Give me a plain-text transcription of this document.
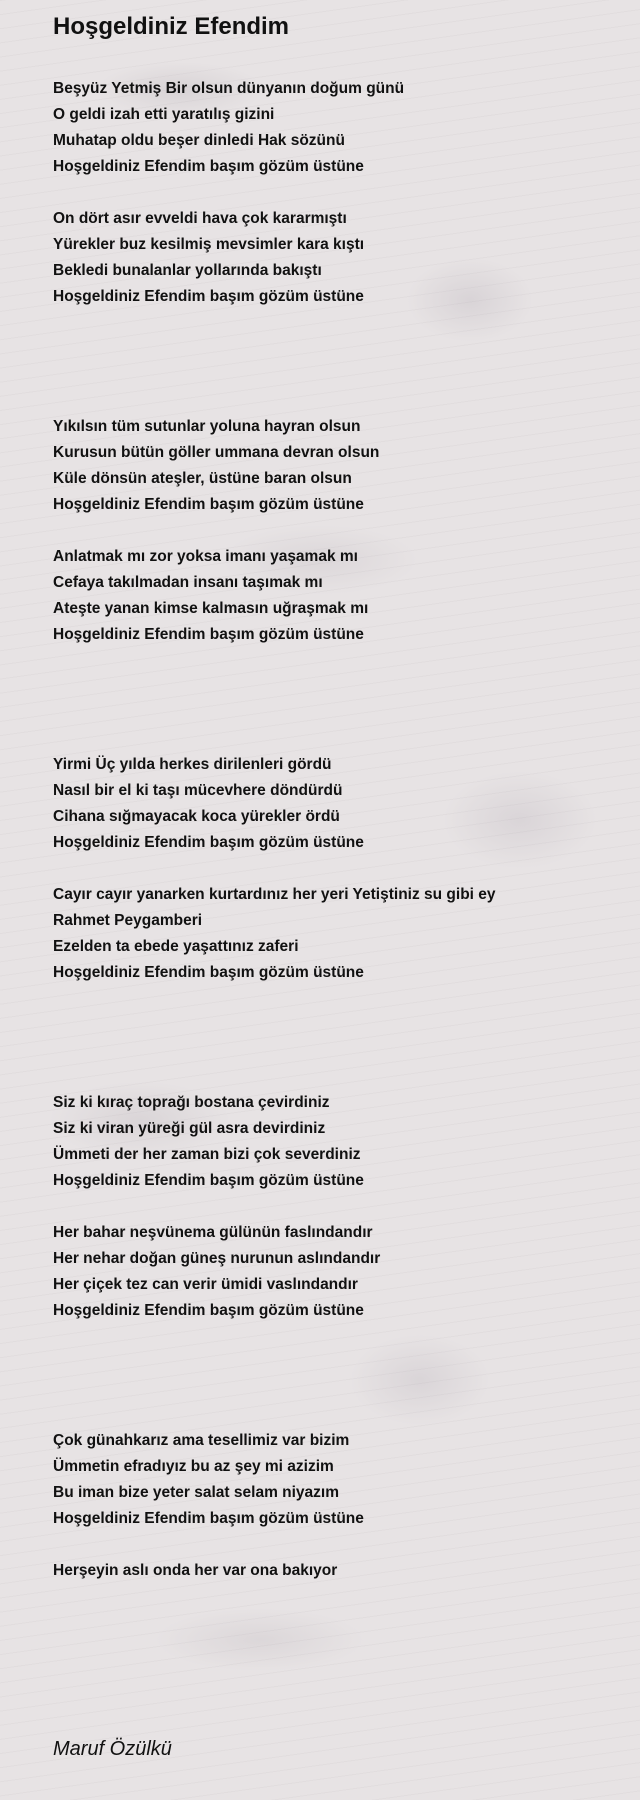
Hoşgeldiniz Efendim
Beşyüz Yetmiş Bir olsun dünyanın doğum günü
O geldi izah etti yaratılış gizini
Muhatap oldu beşer dinledi Hak sözünü
Hoşgeldiniz Efendim başım gözüm üstüne
On dört asır evveldi hava çok kararmıştı
Yürekler buz kesilmiş mevsimler kara kıştı
Bekledi bunalanlar yollarında bakıştı
Hoşgeldiniz Efendim başım gözüm üstüne
Yıkılsın tüm sutunlar yoluna hayran olsun
Kurusun bütün göller ummana devran olsun
Küle dönsün ateşler, üstüne baran olsun
Hoşgeldiniz Efendim başım gözüm üstüne
Anlatmak mı zor yoksa imanı yaşamak mı
Cefaya takılmadan insanı taşımak mı
Ateşte yanan kimse kalmasın uğraşmak mı
Hoşgeldiniz Efendim başım gözüm üstüne
Yirmi Üç yılda herkes dirilenleri gördü
Nasıl bir el ki taşı mücevhere döndürdü
Cihana sığmayacak koca yürekler ördü
Hoşgeldiniz Efendim başım gözüm üstüne
Cayır cayır yanarken kurtardınız her yeri Yetiştiniz su gibi ey
Rahmet Peygamberi
Ezelden ta ebede yaşattınız zaferi
Hoşgeldiniz Efendim başım gözüm üstüne
Siz ki kıraç toprağı bostana çevirdiniz
Siz ki viran yüreği gül asra devirdiniz
Ümmeti der her zaman bizi çok severdiniz
Hoşgeldiniz Efendim başım gözüm üstüne
Her bahar neşvünema gülünün faslındandır
Her nehar doğan güneş nurunun aslındandır
Her çiçek tez can verir ümidi vaslındandır
Hoşgeldiniz Efendim başım gözüm üstüne
Çok günahkarız ama tesellimiz var bizim
Ümmetin efradıyız bu az şey mi azizim
Bu iman bize yeter salat selam niyazım
Hoşgeldiniz Efendim başım gözüm üstüne
Herşeyin aslı onda her var ona bakıyor
Maruf Özülkü
